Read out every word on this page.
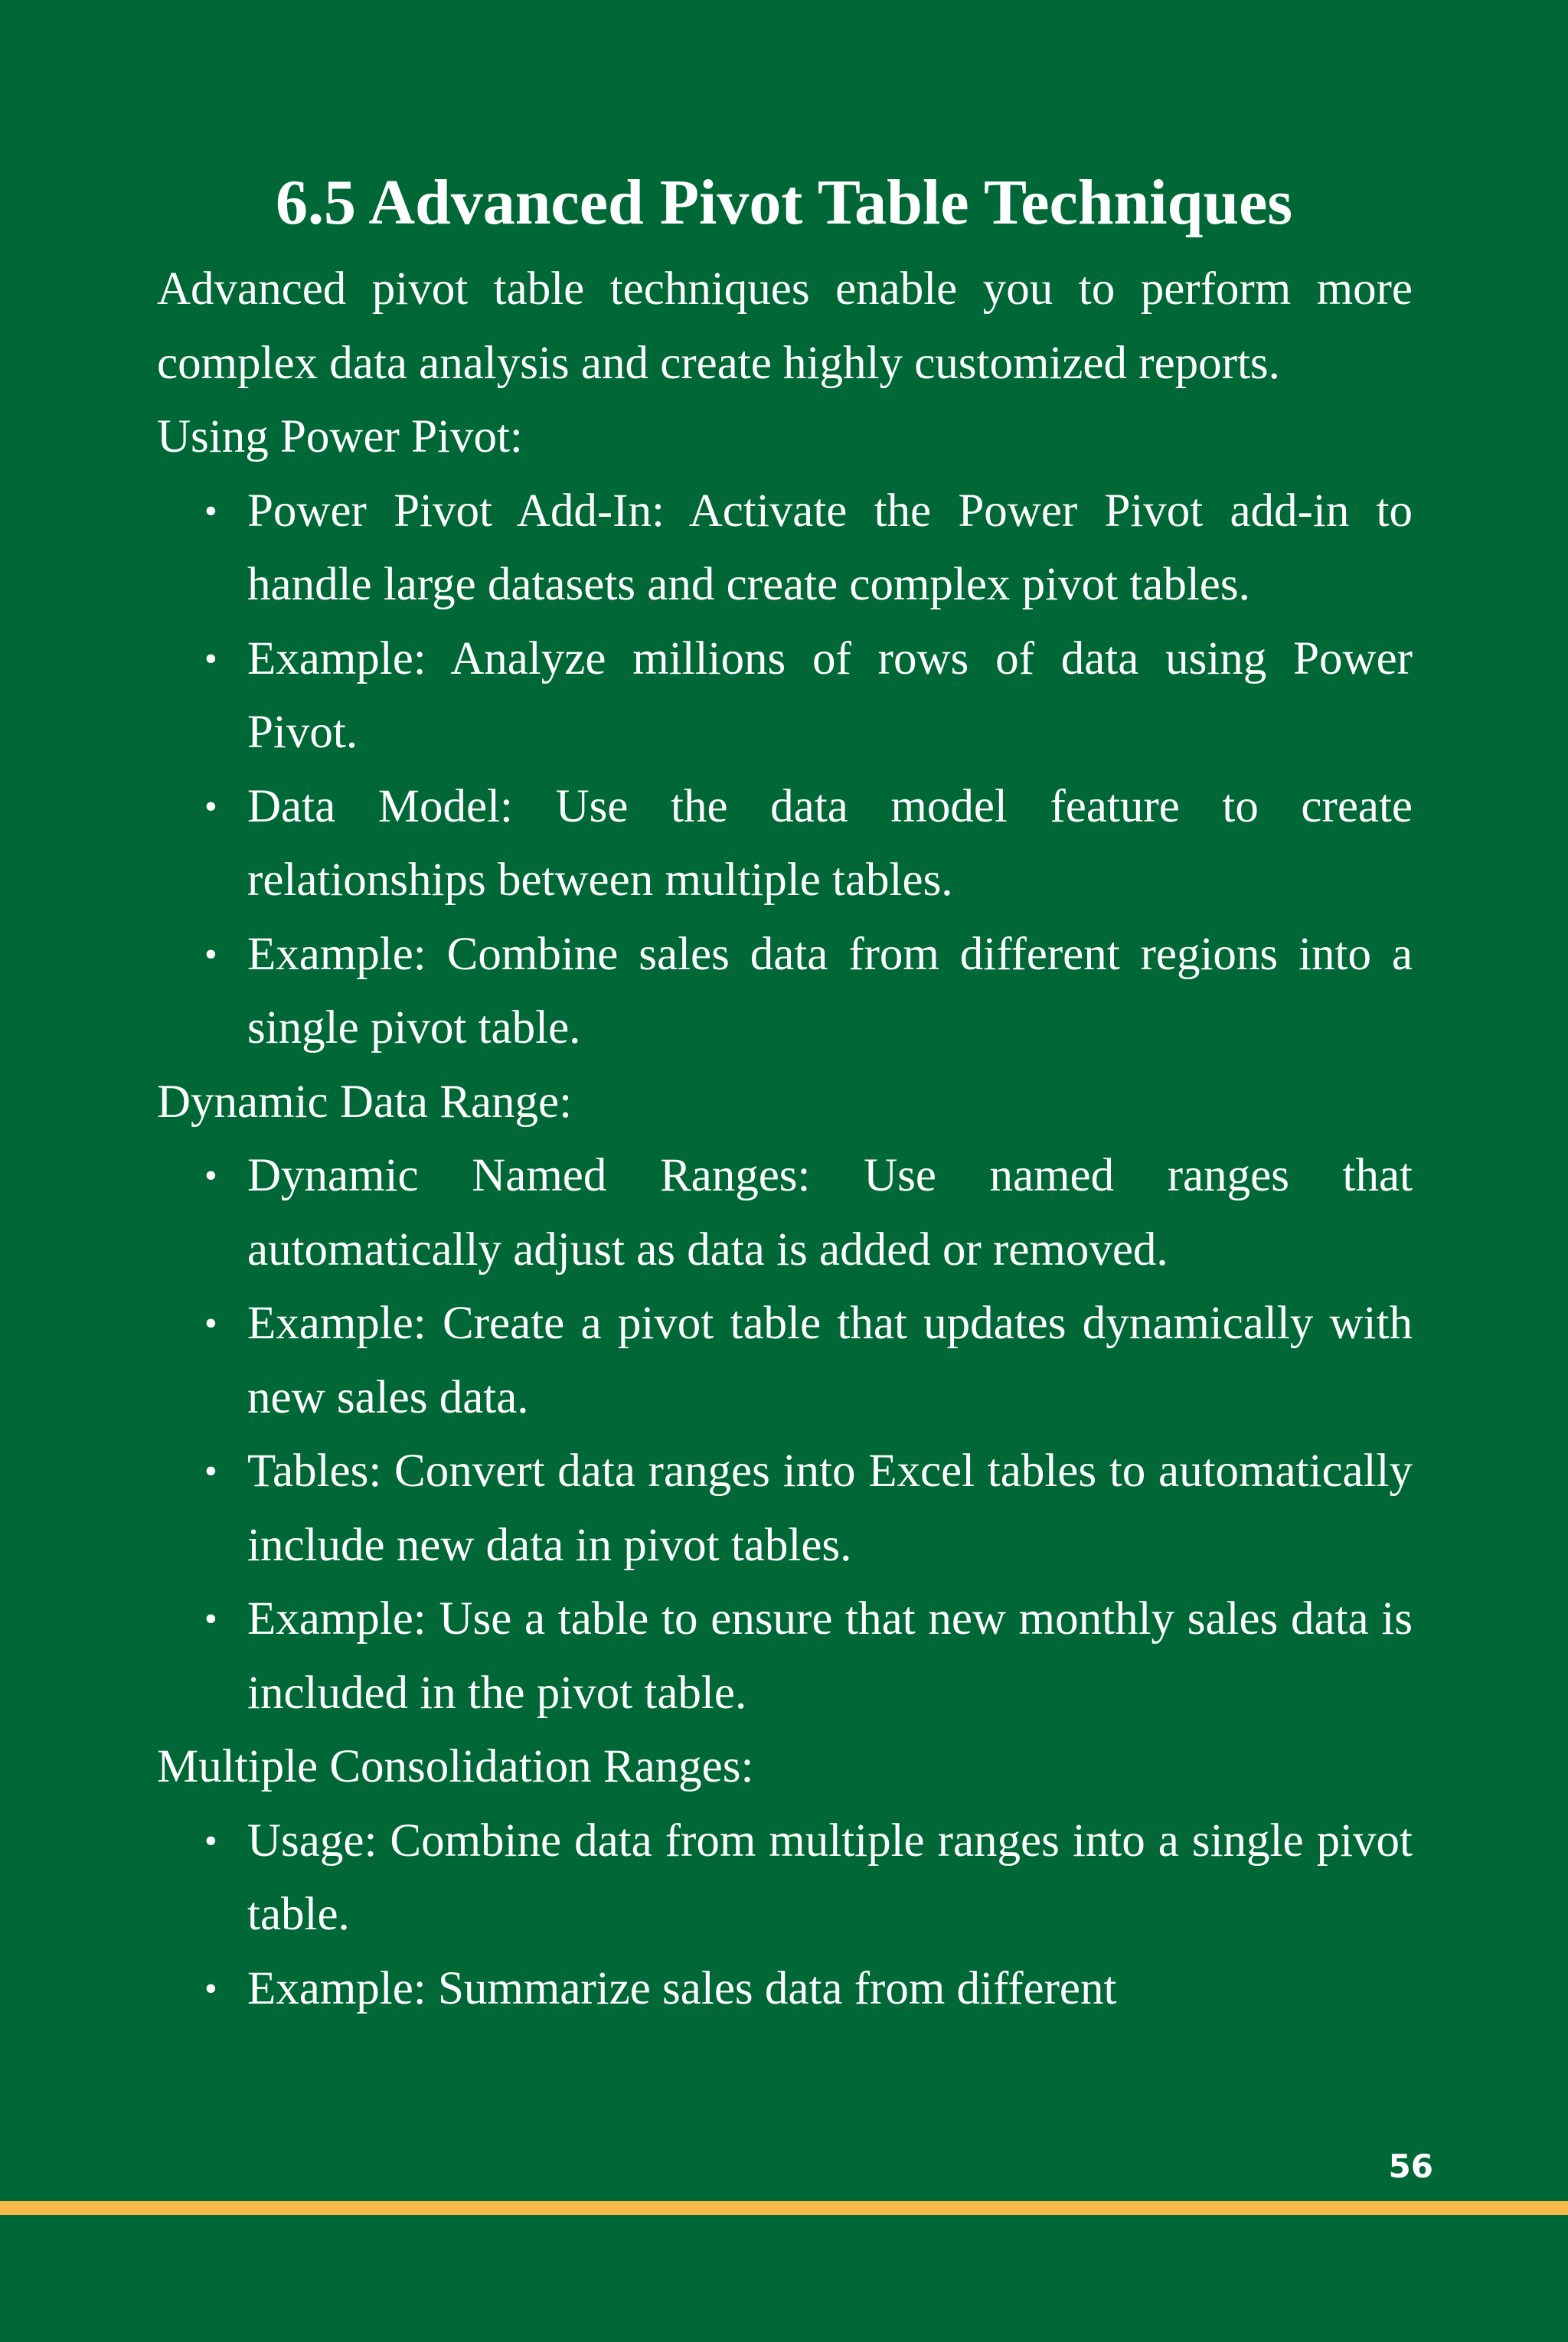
6.5 Advanced Pivot Table Techniques

Advanced pivot table techniques enable you to perform more complex data analysis and create highly customized reports.

Using Power Pivot:

• Power Pivot Add-In: Activate the Power Pivot add-in to handle large datasets and create complex pivot tables.
• Example: Analyze millions of rows of data using Power Pivot.
• Data Model: Use the data model feature to create relationships between multiple tables.
• Example: Combine sales data from different regions into a single pivot table.

Dynamic Data Range:

• Dynamic Named Ranges: Use named ranges that automatically adjust as data is added or removed.
• Example: Create a pivot table that updates dynamically with new sales data.
• Tables: Convert data ranges into Excel tables to automatically include new data in pivot tables.
• Example: Use a table to ensure that new monthly sales data is included in the pivot table.

Multiple Consolidation Ranges:

• Usage: Combine data from multiple ranges into a single pivot table.
• Example: Summarize sales data from different
56
